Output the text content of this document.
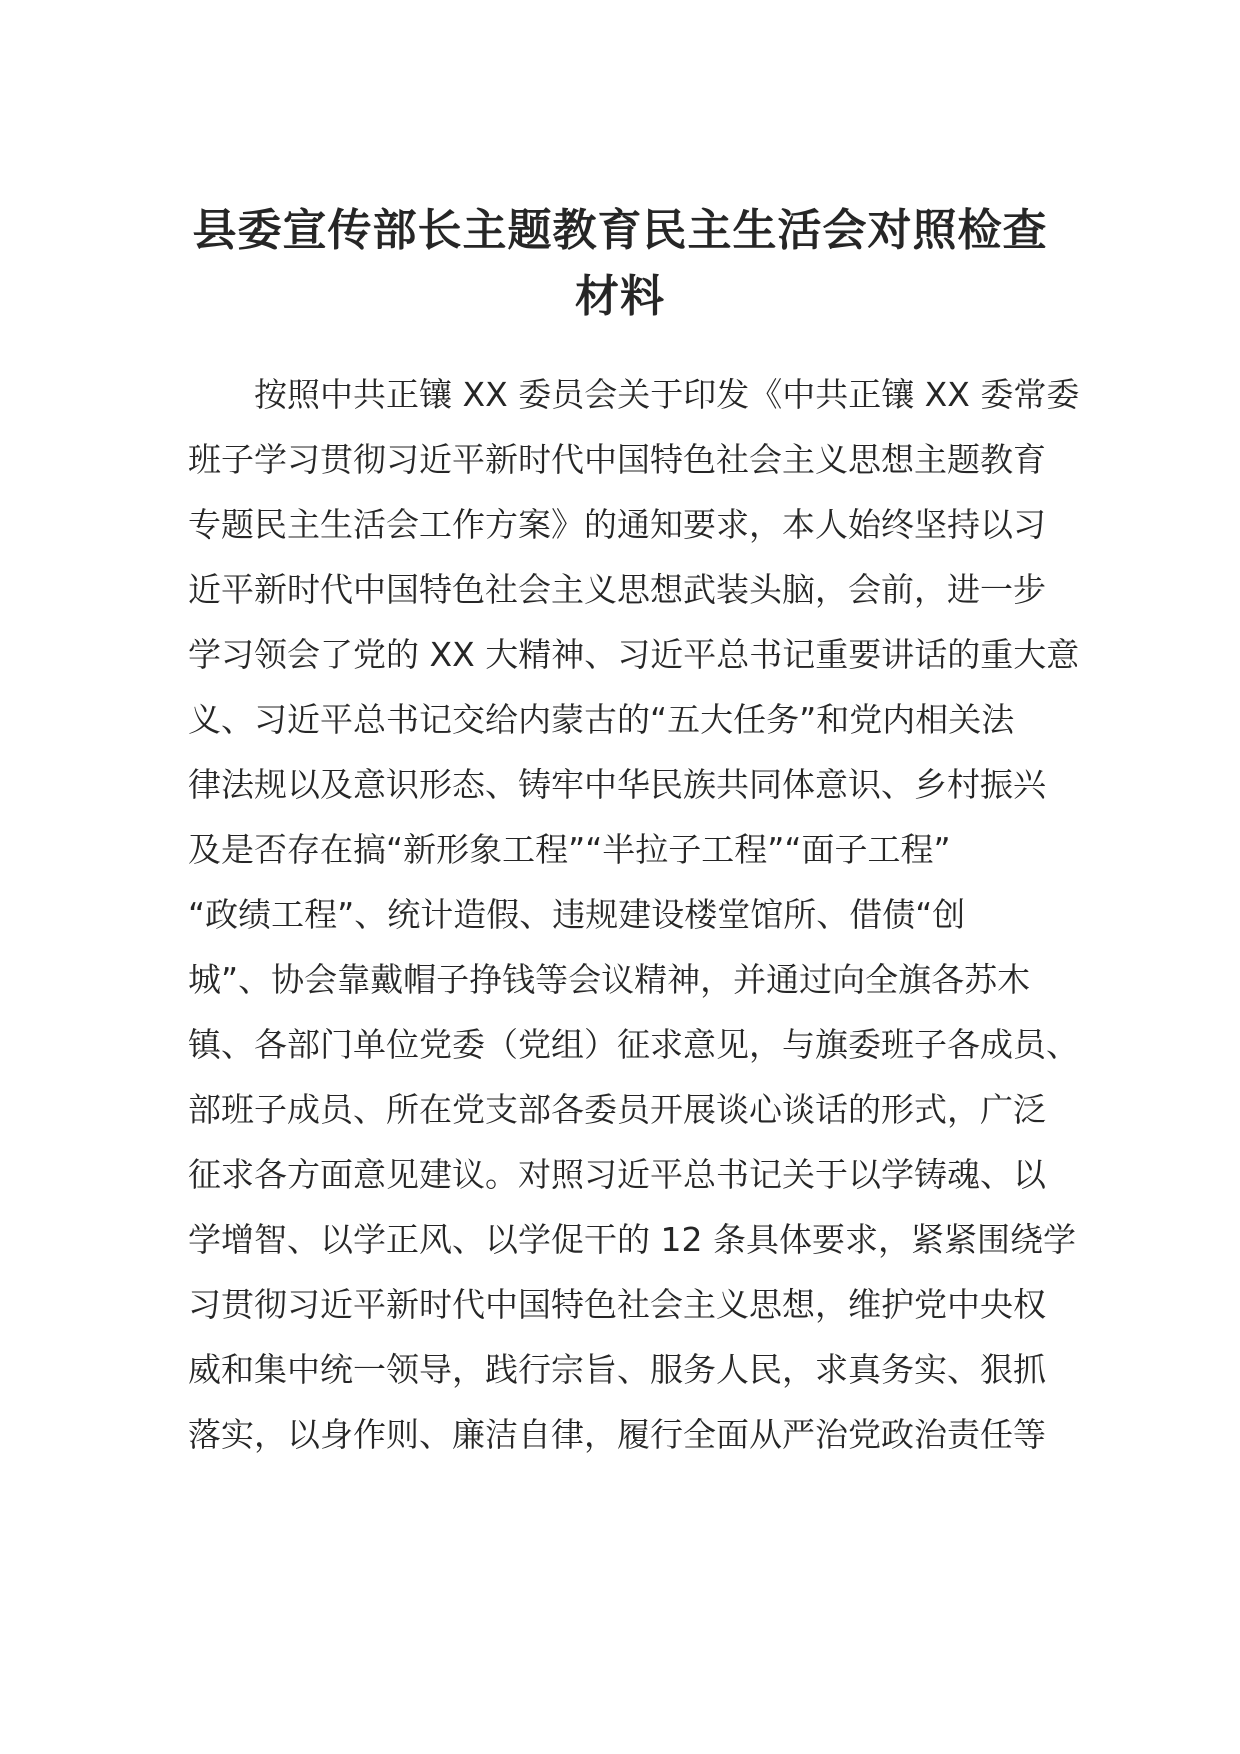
县委宣传部长主题教育民主生活会对照检查
材料
按照中共正镶 XX 委员会关于印发《中共正镶 XX 委常委
班子学习贯彻习近平新时代中国特色社会主义思想主题教育
专题民主生活会工作方案》的通知要求，本人始终坚持以习
近平新时代中国特色社会主义思想武装头脑，会前，进一步
学习领会了党的 XX 大精神、习近平总书记重要讲话的重大意
义、习近平总书记交给内蒙古的“五大任务”和党内相关法
律法规以及意识形态、铸牢中华民族共同体意识、乡村振兴
及是否存在搞“新形象工程”“半拉子工程”“面子工程”
“政绩工程”、统计造假、违规建设楼堂馆所、借债“创
城”、协会靠戴帽子挣钱等会议精神，并通过向全旗各苏木
镇、各部门单位党委（党组）征求意见，与旗委班子各成员、
部班子成员、所在党支部各委员开展谈心谈话的形式，广泛
征求各方面意见建议。对照习近平总书记关于以学铸魂、以
学增智、以学正风、以学促干的 12 条具体要求，紧紧围绕学
习贯彻习近平新时代中国特色社会主义思想，维护党中央权
威和集中统一领导，践行宗旨、服务人民，求真务实、狠抓
落实，以身作则、廉洁自律，履行全面从严治党政治责任等
